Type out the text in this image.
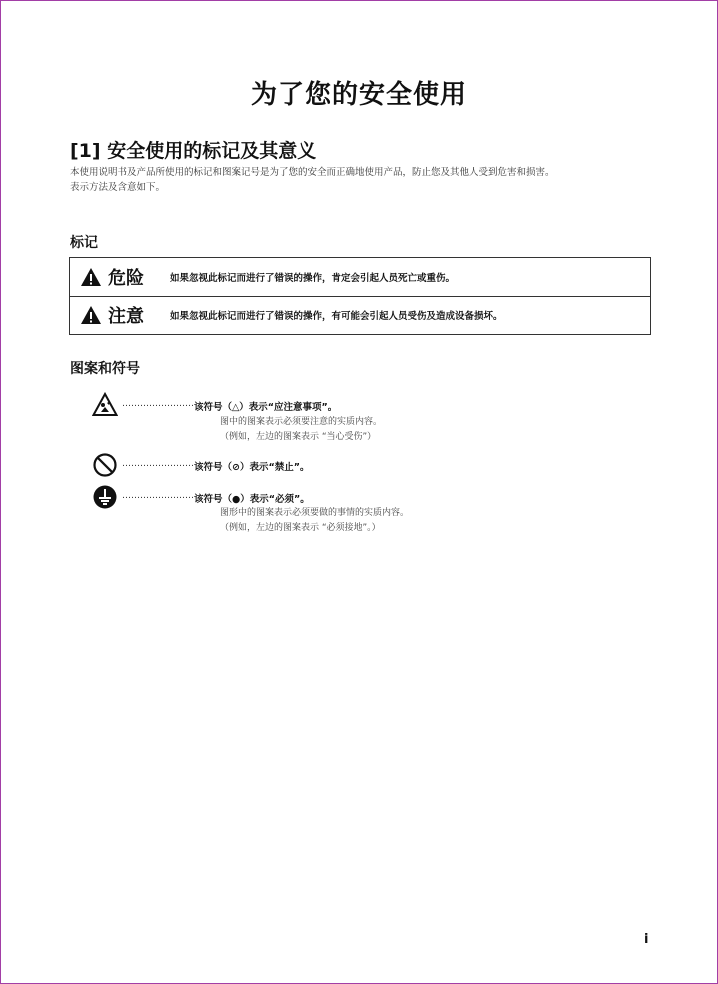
为了您的安全使用
[1] 安全使用的标记及其意义
本使用说明书及产品所使用的标记和图案记号是为了您的安全而正确地使用产品，防止您及其他人受到危害和损害。
表示方法及含意如下。
标记
危险	如果忽视此标记而进行了错误的操作，肯定会引起人员死亡或重伤。
注意	如果忽视此标记而进行了错误的操作，有可能会引起人员受伤及造成设备损坏。
图案和符号
…………………… 该符号（△）表示“应注意事项”。
图中的图案表示必须要注意的实质内容。
（例如，左边的图案表示 “当心受伤”）
…………………… 该符号（⊘）表示“禁止”。
…………………… 该符号（●）表示“必须”。
图形中的图案表示必须要做的事情的实质内容。
（例如，左边的图案表示 “必须接地”。）
i
